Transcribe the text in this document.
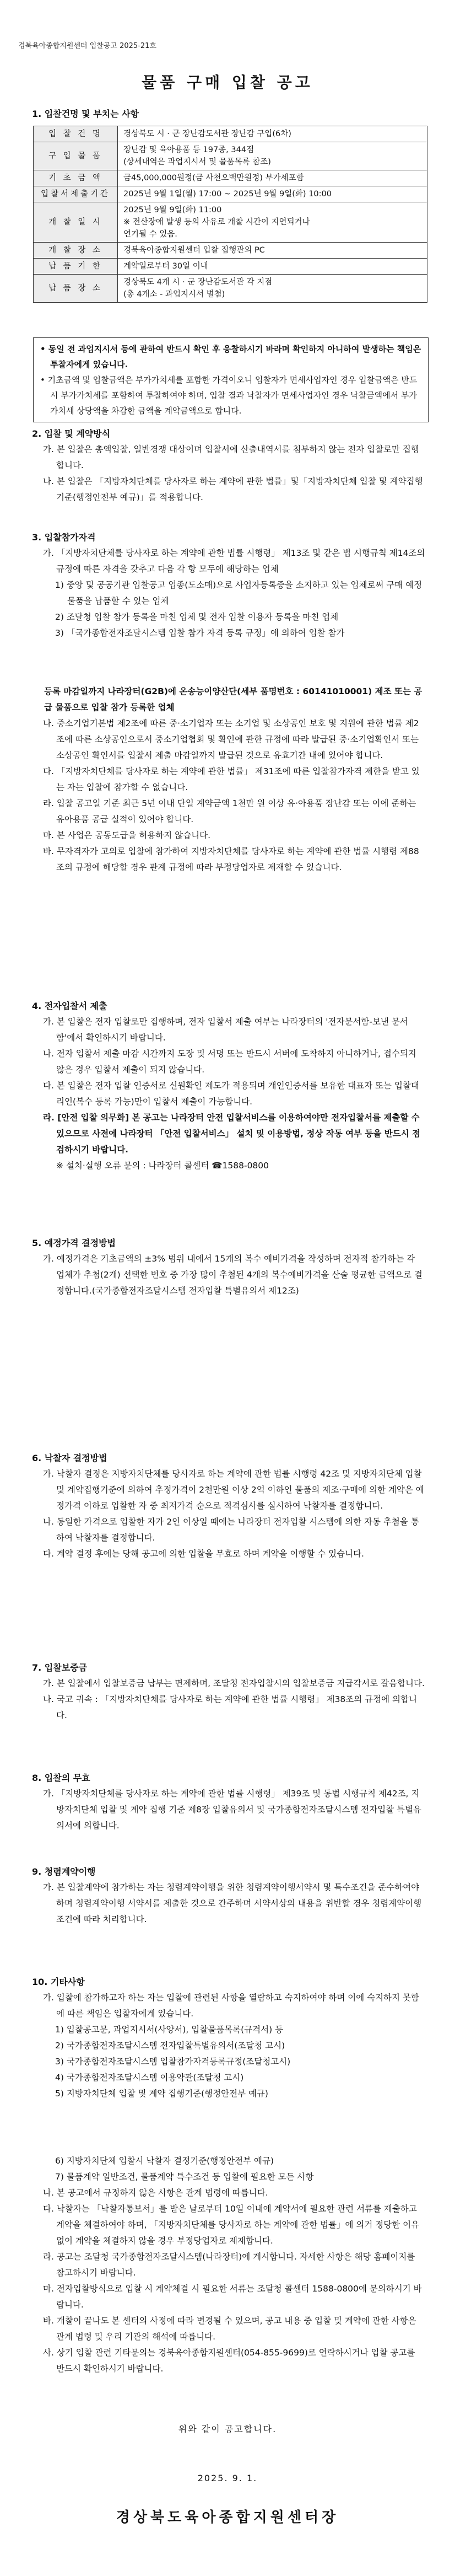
경북육아종합지원센터 입찰공고 2025-21호
물품 구매 입찰 공고

1. 입찰건명 및 부치는 사항

입 찰 건 명	경상북도 시 · 군 장난감도서관 장난감 구입(6차)
구 입 물 품	장난감 및 육아용품 등 197종, 344점
(상세내역은 과업지시서 및 물품목록 참조)
기 초 금 액	금45,000,000원정(금 사천오백만원정) 부가세포함
입찰서제출기간	2025년 9월 1일(월) 17:00 ~ 2025년 9월 9일(화) 10:00
개 찰 일 시	2025년 9월 9일(화) 11:00
※ 전산장애 발생 등의 사유로 개찰 시간이 지연되거나
연기될 수 있음.
개 찰 장 소	경북육아종합지원센터 입찰 집행관의 PC
납 품 기 한	계약일로부터 30일 이내
납 품 장 소	경상북도 4개 시 · 군 장난감도서관 각 지점
(총 4개소 - 과업지시서 별첨)

• 동일 전 과업지시서 등에 관하여 반드시 확인 후 응찰하시기 바라며 확인하지 아니하여 발생하는 책임은 투찰자에게 있습니다.

• 기초금액 및 입찰금액은 부가가치세를 포함한 가격이오니 입찰자가 면세사업자인 경우 입찰금액은 반드시 부가가치세를 포함하여 투찰하여야 하며, 입찰 결과 낙찰자가 면세사업자인 경우 낙찰금액에서 부가가치세 상당액을 차감한 금액을 계약금액으로 합니다.

2. 입찰 및 계약방식

가. 본 입찰은 총액입찰, 일반경쟁 대상이며 입찰서에 산출내역서를 첨부하지 않는 전자 입찰로만 집행합니다.
나. 본 입찰은 「지방자치단체를 당사자로 하는 계약에 관한 법률」및「지방자치단체 입찰 및 계약집행기준(행정안전부 예규)」를 적용합니다.

3. 입찰참가자격

가. 「지방자치단체를 당사자로 하는 계약에 관한 법률 시행령」 제13조 및 같은 법 시행규칙 제14조의 규정에 따른 자격을 갖추고 다음 각 항 모두에 해당하는 업체
1) 중앙 및 공공기관 입찰공고 업종(도소매)으로 사업자등록증을 소지하고 있는 업체로써 구매 예정 물품을 납품할 수 있는 업체
2) 조달청 입찰 참가 등록을 마친 업체 및 전자 입찰 이용자 등록을 마친 업체
3) 「국가종합전자조달시스템 입찰 참가 자격 등록 규정」에 의하여 입찰 참가
등록 마감일까지 나라장터(G2B)에 온송능이양산단(세부 품명번호 : 60141010001) 제조 또는 공급 물품으로 입찰 참가 등록한 업체
나. 중소기업기본법 제2조에 따른 중·소기업자 또는 소기업 및 소상공인 보호 및 지원에 관한 법률 제2조에 따른 소상공인으로서 중소기업협회 및 확인에 관한 규정에 따라 발급된 중·소기업확인서 또는 소상공인 확인서를 입찰서 제출 마감일까지 발급된 것으로 유효기간 내에 있어야 합니다.
다. 「지방자치단체를 당사자로 하는 계약에 관한 법률」 제31조에 따른 입찰참가자격 제한을 받고 있는 자는 입찰에 참가할 수 없습니다.
라. 입찰 공고일 기준 최근 5년 이내 단일 계약금액 1천만 원 이상 유·아용품 장난감 또는 이에 준하는 유아용품 공급 실적이 있어야 합니다.
마. 본 사업은 공동도급을 허용하지 않습니다.
바. 무자격자가 고의로 입찰에 참가하여 지방자치단체를 당사자로 하는 계약에 관한 법률 시행령 제88조의 규정에 해당할 경우 관계 규정에 따라 부정당업자로 제재할 수 있습니다.

4. 전자입찰서 제출

가. 본 입찰은 전자 입찰로만 집행하며, 전자 입찰서 제출 여부는 나라장터의 '전자문서함-보낸 문서함'에서 확인하시기 바랍니다.
나. 전자 입찰서 제출 마감 시간까지 도장 및 서명 또는 반드시 서버에 도착하지 아니하거나, 접수되지 않은 경우 입찰서 제출이 되지 않습니다.
다. 본 입찰은 전자 입찰 인증서로 신원확인 제도가 적용되며 개인인증서를 보유한 대표자 또는 입찰대리인(복수 등록 가능)만이 입찰서 제출이 가능합니다.
라. [안전 입찰 의무화] 본 공고는 나라장터 안전 입찰서비스를 이용하여야만 전자입찰서를 제출할 수 있으므로 사전에 나라장터 「안전 입찰서비스」 설치 및 이용방법, 정상 작동 여부 등을 반드시 점검하시기 바랍니다.
※ 설치·실행 오류 문의 : 나라장터 콜센터 ☎1588-0800

5. 예정가격 결정방법

가. 예정가격은 기초금액의 ±3% 범위 내에서 15개의 복수 예비가격을 작성하며 전자적 참가하는 각 업체가 추첨(2개) 선택한 번호 중 가장 많이 추첨된 4개의 복수예비가격을 산술 평균한 금액으로 결정합니다.(국가종합전자조달시스템 전자입찰 특별유의서 제12조)

6. 낙찰자 결정방법

가. 낙찰자 결정은 지방자치단체를 당사자로 하는 계약에 관한 법률 시행령 42조 및 지방자치단체 입찰 및 계약집행기준에 의하여 추정가격이 2천만원 이상 2억 이하인 물품의 제조·구매에 의한 계약은 예정가격 이하로 입찰한 자 중 최저가격 순으로 적격심사를 실시하여 낙찰자를 결정합니다.
나. 동일한 가격으로 입찰한 자가 2인 이상일 때에는 나라장터 전자입찰 시스템에 의한 자동 추첨을 통하여 낙찰자를 결정합니다.
다. 계약 결정 후에는 당해 공고에 의한 입찰을 무효로 하며 계약을 이행할 수 있습니다.

7. 입찰보증금

가. 본 입찰에서 입찰보증금 납부는 면제하며, 조달청 전자입찰시의 입찰보증금 지급각서로 갈음합니다.
나. 국고 귀속 : 「지방자치단체를 당사자로 하는 계약에 관한 법률 시행령」 제38조의 규정에 의합니다.

8. 입찰의 무효

가. 「지방자치단체를 당사자로 하는 계약에 관한 법률 시행령」 제39조 및 동법 시행규칙 제42조, 지방자치단체 입찰 및 계약 집행 기준 제8장 입찰유의서 및 국가종합전자조달시스템 전자입찰 특별유의서에 의합니다.

9. 청렴계약이행

가. 본 입찰계약에 참가하는 자는 청렴계약이행을 위한 청렴계약이행서약서 및 특수조건을 준수하여야 하며 청렴계약이행 서약서를 제출한 것으로 간주하며 서약서상의 내용을 위반할 경우 청렴계약이행 조건에 따라 처리합니다.

10. 기타사항

가. 입찰에 참가하고자 하는 자는 입찰에 관련된 사항을 열람하고 숙지하여야 하며 이에 숙지하지 못함에 따른 책임은 입찰자에게 있습니다.
1) 입찰공고문, 과업지시서(사양서), 입찰물품목록(규격서) 등
2) 국가종합전자조달시스템 전자입찰특별유의서(조달청 고시)
3) 국가종합전자조달시스템 입찰참가자격등록규정(조달청고시)
4) 국가종합전자조달시스템 이용약관(조달청 고시)
5) 지방자치단체 입찰 및 계약 집행기준(행정안전부 예규)
6) 지방자치단체 입찰시 낙찰자 결정기준(행정안전부 예규)
7) 물품계약 일반조건, 물품계약 특수조건 등 입찰에 필요한 모든 사항
나. 본 공고에서 규정하지 않은 사항은 관계 법령에 따릅니다.
다. 낙찰자는 「낙찰자통보서」를 받은 날로부터 10일 이내에 계약서에 필요한 관련 서류를 제출하고 계약을 체결하여야 하며, 「지방자치단체를 당사자로 하는 계약에 관한 법률」에 의거 정당한 이유 없이 계약을 체결하지 않을 경우 부정당업자로 제재합니다.
라. 공고는 조달청 국가종합전자조달시스템(나라장터)에 게시합니다. 자세한 사항은 해당 홈페이지를 참고하시기 바랍니다.
마. 전자입찰방식으로 입찰 시 계약체결 시 필요한 서류는 조달청 콜센터 1588-0800에 문의하시기 바랍니다.
바. 개찰이 끝나도 본 센터의 사정에 따라 변경될 수 있으며, 공고 내용 중 입찰 및 계약에 관한 사항은 관계 법령 및 우리 기관의 해석에 따릅니다.
사. 상기 입찰 관련 기타문의는 경북육아종합지원센터(054-855-9699)로 연락하시거나 입찰 공고를 반드시 확인하시기 바랍니다.
위와 같이 공고합니다.
2025. 9. 1.
경상북도육아종합지원센터장
